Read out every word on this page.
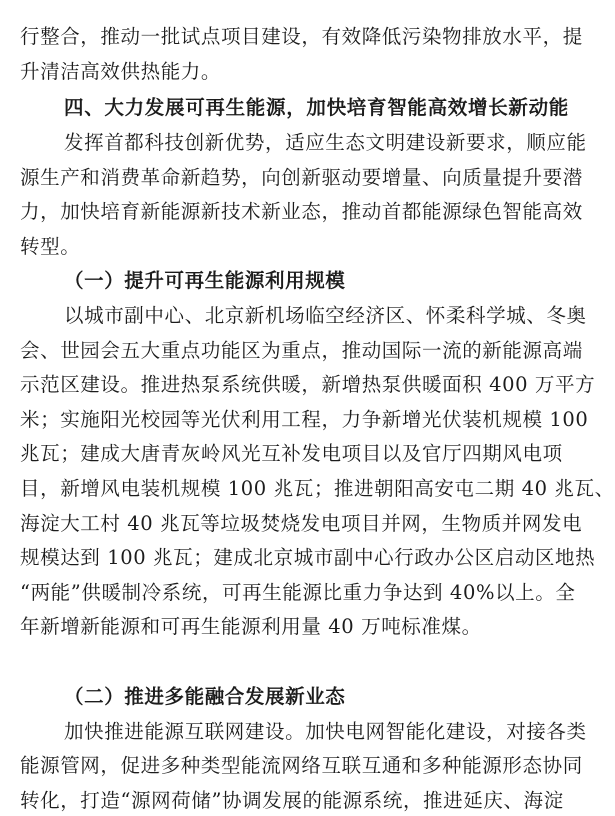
行整合，推动一批试点项目建设，有效降低污染物排放水平，提
升清洁高效供热能力。
四、大力发展可再生能源，加快培育智能高效增长新动能
发挥首都科技创新优势，适应生态文明建设新要求，顺应能
源生产和消费革命新趋势，向创新驱动要增量、向质量提升要潜
力，加快培育新能源新技术新业态，推动首都能源绿色智能高效
转型。
（一）提升可再生能源利用规模
以城市副中心、北京新机场临空经济区、怀柔科学城、冬奥
会、世园会五大重点功能区为重点，推动国际一流的新能源高端
示范区建设。推进热泵系统供暖，新增热泵供暖面积 400 万平方
米；实施阳光校园等光伏利用工程，力争新增光伏装机规模 100
兆瓦；建成大唐青灰岭风光互补发电项目以及官厅四期风电项
目，新增风电装机规模 100 兆瓦；推进朝阳高安屯二期 40 兆瓦、
海淀大工村 40 兆瓦等垃圾焚烧发电项目并网，生物质并网发电
规模达到 100 兆瓦；建成北京城市副中心行政办公区启动区地热
“两能”供暖制冷系统，可再生能源比重力争达到 40%以上。全
年新增新能源和可再生能源利用量 40 万吨标准煤。
（二）推进多能融合发展新业态
加快推进能源互联网建设。加快电网智能化建设，对接各类
能源管网，促进多种类型能流网络互联互通和多种能源形态协同
转化，打造“源网荷储”协调发展的能源系统，推进延庆、海淀
